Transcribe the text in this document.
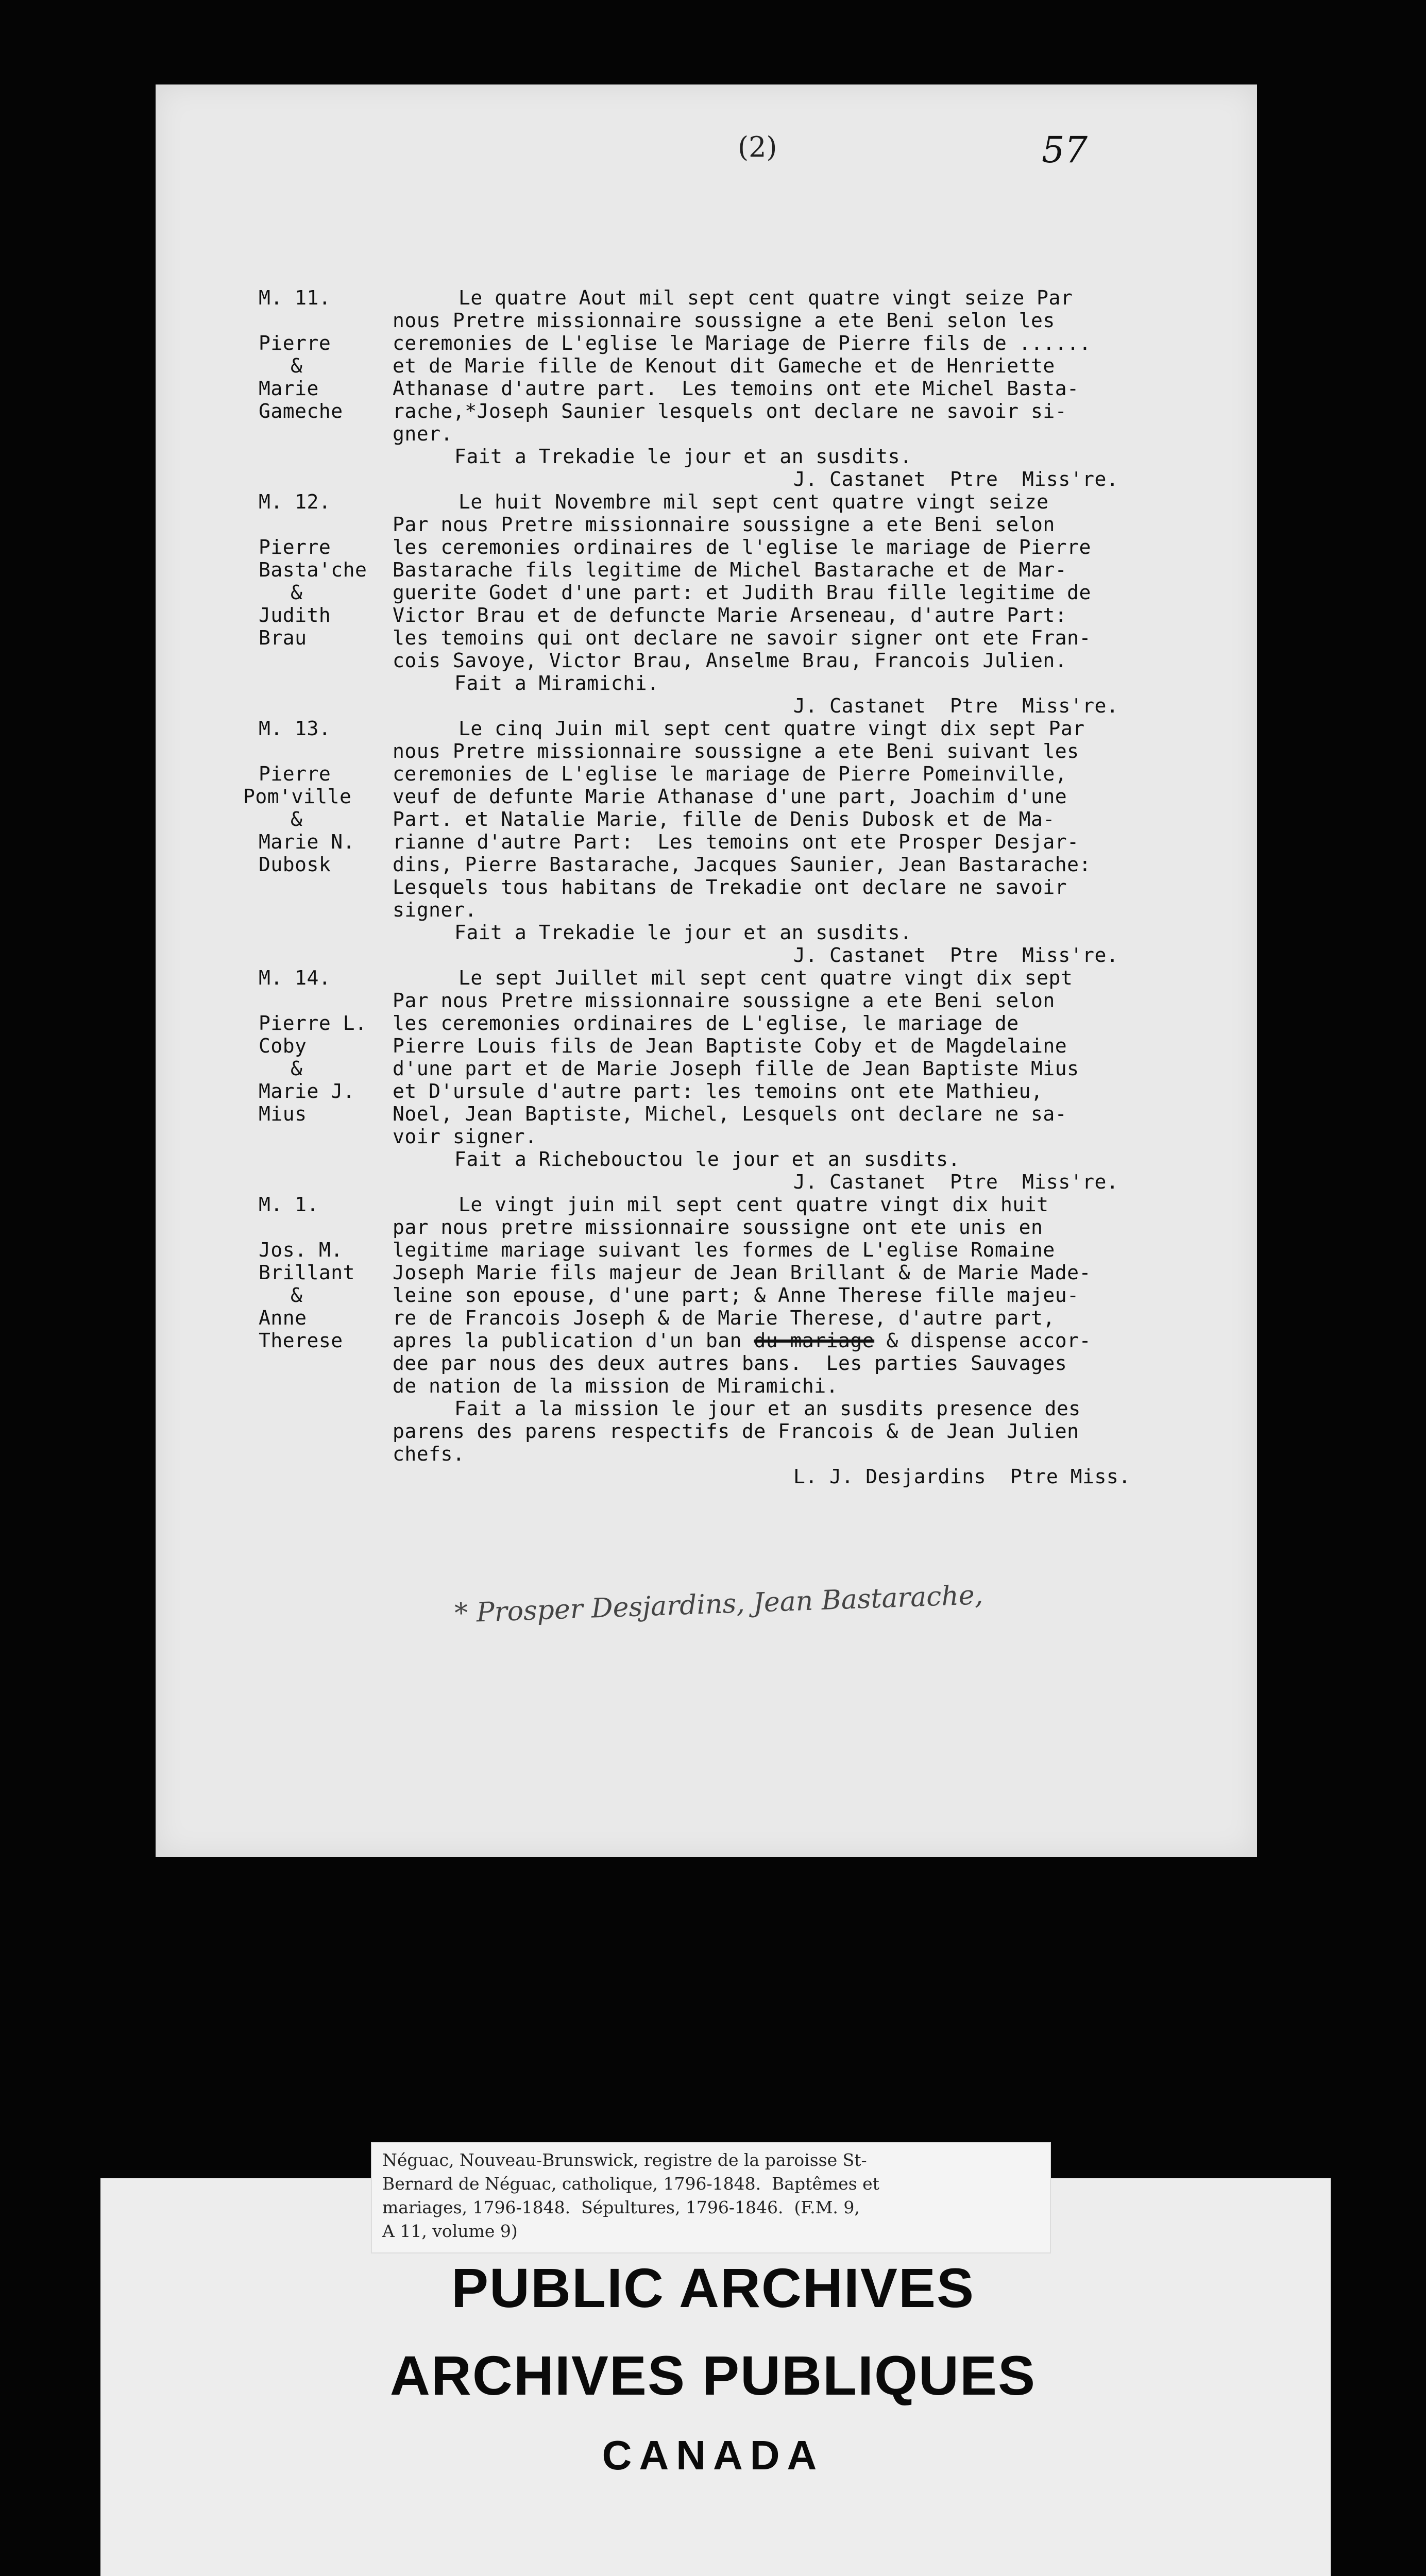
(2)	57
M. 11.
Pierre
&
Marie
Gameche
Le quatre Aout mil sept cent quatre vingt seize Par
nous Pretre missionnaire soussigne a ete Beni selon les
ceremonies de L'eglise le Mariage de Pierre fils de ......
et de Marie fille de Kenout dit Gameche et de Henriette
Athanase d'autre part.  Les temoins ont ete Michel Basta-
rache,*Joseph Saunier lesquels ont declare ne savoir si-
gner.
Fait a Trekadie le jour et an susdits.
J. Castanet  Ptre  Miss're.
M. 12.
Pierre
Basta'che
&
Judith
Brau
Le huit Novembre mil sept cent quatre vingt seize
Par nous Pretre missionnaire soussigne a ete Beni selon
les ceremonies ordinaires de l'eglise le mariage de Pierre
Bastarache fils legitime de Michel Bastarache et de Mar-
guerite Godet d'une part: et Judith Brau fille legitime de
Victor Brau et de defuncte Marie Arseneau, d'autre Part:
les temoins qui ont declare ne savoir signer ont ete Fran-
cois Savoye, Victor Brau, Anselme Brau, Francois Julien.
Fait a Miramichi.
J. Castanet  Ptre  Miss're.
M. 13.
Pierre
Pom'ville
&
Marie N.
Dubosk
Le cinq Juin mil sept cent quatre vingt dix sept Par
nous Pretre missionnaire soussigne a ete Beni suivant les
ceremonies de L'eglise le mariage de Pierre Pomeinville,
veuf de defunte Marie Athanase d'une part, Joachim d'une
Part. et Natalie Marie, fille de Denis Dubosk et de Ma-
rianne d'autre Part:  Les temoins ont ete Prosper Desjar-
dins, Pierre Bastarache, Jacques Saunier, Jean Bastarache:
Lesquels tous habitans de Trekadie ont declare ne savoir
signer.
Fait a Trekadie le jour et an susdits.
J. Castanet  Ptre  Miss're.
M. 14.
Pierre L.
Coby
&
Marie J.
Mius
Le sept Juillet mil sept cent quatre vingt dix sept
Par nous Pretre missionnaire soussigne a ete Beni selon
les ceremonies ordinaires de L'eglise, le mariage de
Pierre Louis fils de Jean Baptiste Coby et de Magdelaine
d'une part et de Marie Joseph fille de Jean Baptiste Mius
et D'ursule d'autre part: les temoins ont ete Mathieu,
Noel, Jean Baptiste, Michel, Lesquels ont declare ne sa-
voir signer.
Fait a Richebouctou le jour et an susdits.
J. Castanet  Ptre  Miss're.
M. 1.
Jos. M.
Brillant
&
Anne
Therese
Le vingt juin mil sept cent quatre vingt dix huit
par nous pretre missionnaire soussigne ont ete unis en
legitime mariage suivant les formes de L'eglise Romaine
Joseph Marie fils majeur de Jean Brillant & de Marie Made-
leine son epouse, d'une part; & Anne Therese fille majeu-
re de Francois Joseph & de Marie Therese, d'autre part,
apres la publication d'un ban du mariage & dispense accor-
dee par nous des deux autres bans.  Les parties Sauvages
de nation de la mission de Miramichi.
Fait a la mission le jour et an susdits presence des
parens des parens respectifs de Francois & de Jean Julien
chefs.
L. J. Desjardins  Ptre Miss.
* Prosper Desjardins, Jean Bastarache,
Néguac, Nouveau-Brunswick, registre de la paroisse St-
Bernard de Néguac, catholique, 1796-1848.  Baptêmes et
mariages, 1796-1848.  Sépultures, 1796-1846.  (F.M. 9,
A 11, volume 9)
PUBLIC ARCHIVES
ARCHIVES PUBLIQUES
CANADA
